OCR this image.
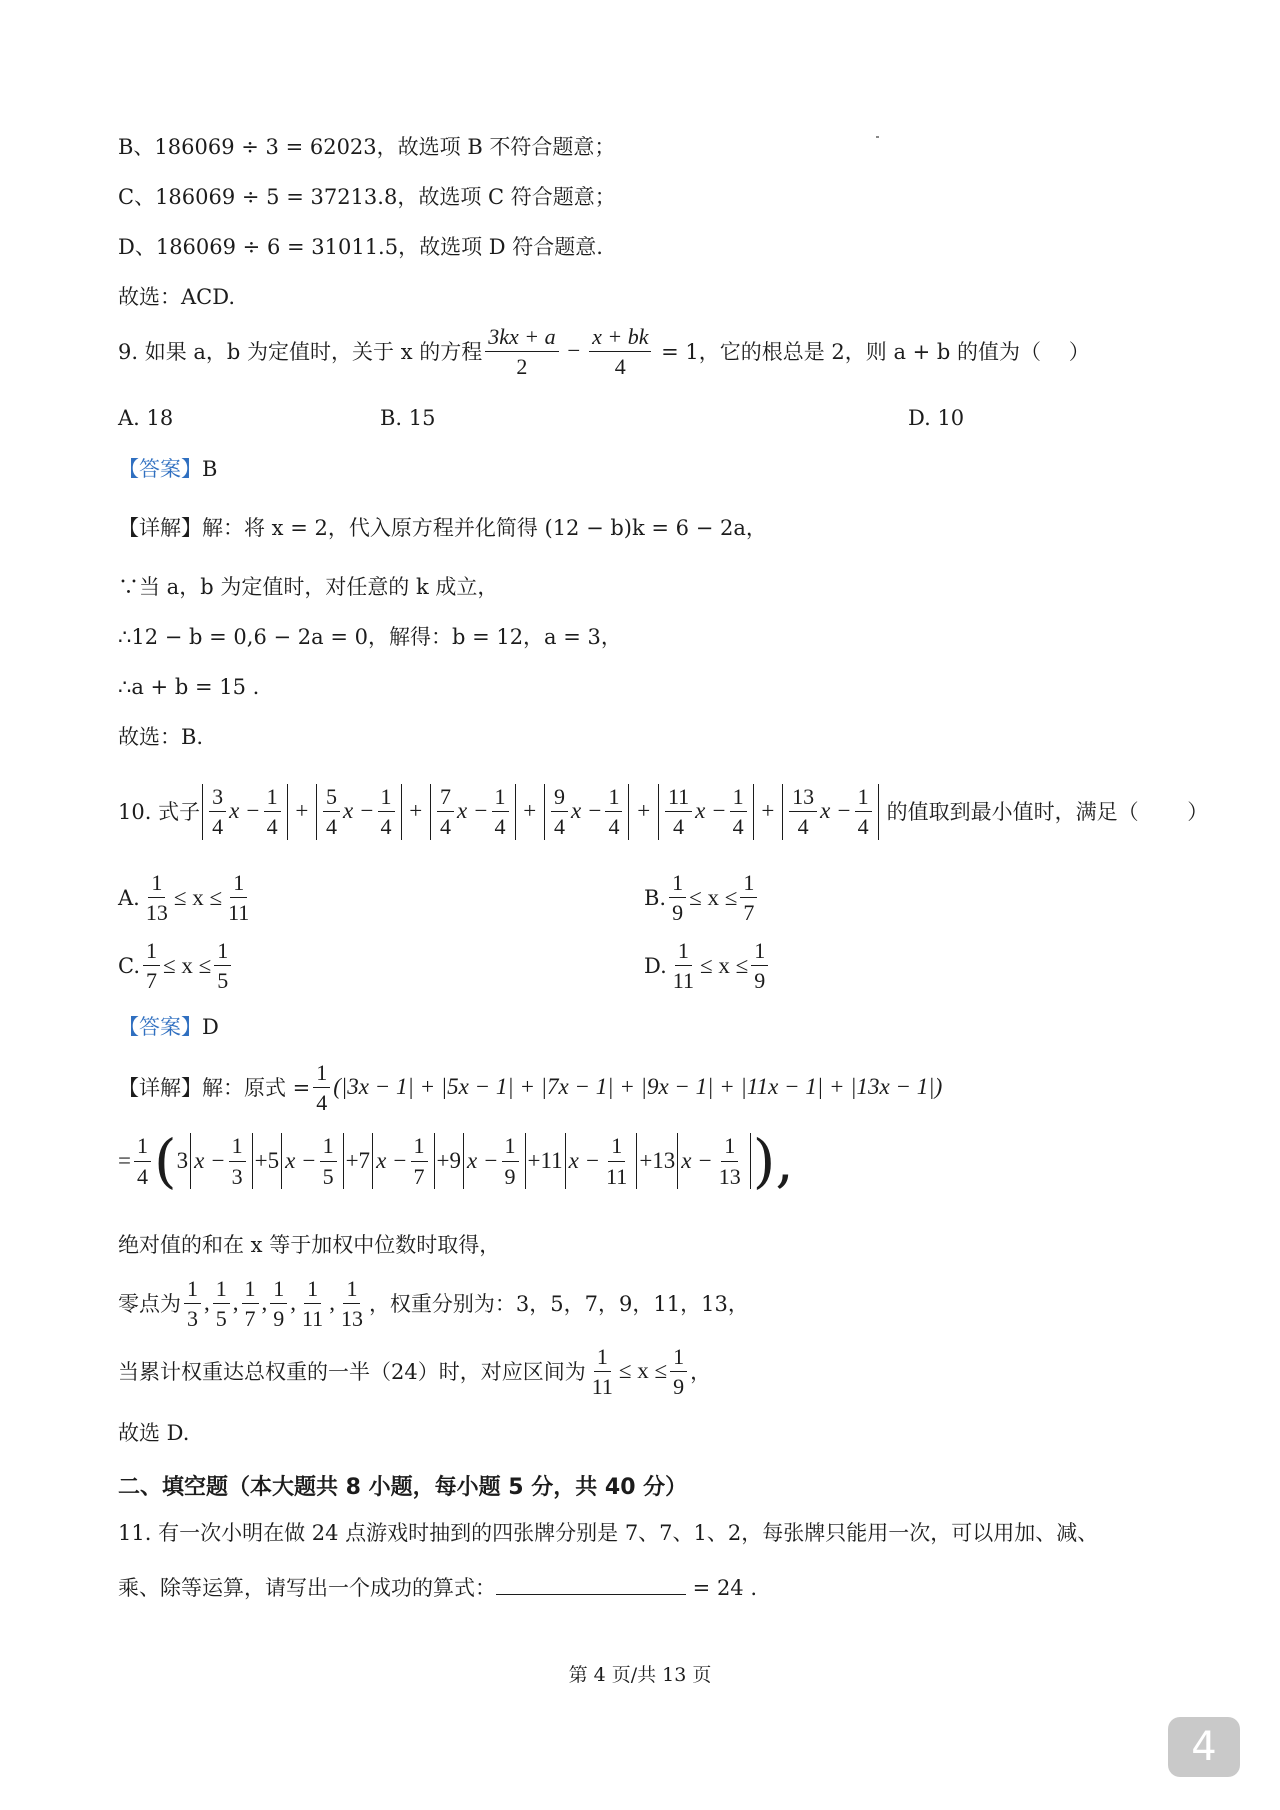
B、186069 ÷ 3 = 62023，故选项 B 不符合题意；
C、186069 ÷ 5 = 37213.8，故选项 C 符合题意；
D、186069 ÷ 6 = 31011.5，故选项 D 符合题意.
故选：ACD.
9. 如果 a，b 为定值时，关于 x 的方程 $\frac{3kx + a}{2} - \frac{x + bk}{4} = 1$，它的根总是 2，则 a + b 的值为（　 ）
A. 18	B. 15	D. 10
【答案】B
【详解】解：将 x = 2，代入原方程并化简得 (12 − b)k = 6 − 2a，
∵当 a，b 为定值时，对任意的 k 成立，
∴12 − b = 0,6 − 2a = 0，解得：b = 12，a = 3，
∴a + b = 15 .
故选：B.
10. 式子 $\frac{3}{4}$ $x - \frac{1}{4} + \frac{5}{4}$ $x - \frac{1}{4} + \frac{7}{4}$ $x - \frac{1}{4} + \frac{9}{4}$ $x - \frac{1}{4} + \frac{11}{4}$ $x - \frac{1}{4} + \frac{13}{4}$ $x - \frac{1}{4}$ 的值取到最小值时，满足（　　 ）
A. $\frac{1}{13} \le x \le \frac{1}{11}$	B. $\frac{1}{9} \le x \le \frac{1}{7}$
C. $\frac{1}{7} \le x \le \frac{1}{5}$	D. $\frac{1}{11} \le x \le \frac{1}{9}$
【答案】D
【详解】 解：原式 = $\frac{1}{4} (|3x - 1| + |5x - 1| + |7x - 1| + |9x - 1| + |11x - 1| + |13x - 1|)$
= $\frac{1}{4}$ ( 3 $x - \frac{1}{3} +5$ $x - \frac{1}{5} +7$ $x - \frac{1}{7} +9$ $x - \frac{1}{9} +11$ $x - \frac{1}{11} +13$ $x - \frac{1}{13}$ ),
绝对值的和在 x 等于加权中位数时取得，
零点为 $\frac{1}{3}$ , $\frac{1}{5}$ , $\frac{1}{7}$ , $\frac{1}{9}$ , $\frac{1}{11}$ , $\frac{1}{13}$ ，权重分别为：3，5，7，9，11，13，
当累计权重达总权重的一半（24）时，对应区间为 $\frac{1}{11} \le x \le \frac{1}{9}$ ，
故选 D.
二、填空题（本大题共 8 小题，每小题 5 分，共 40 分）
11. 有一次小明在做 24 点游戏时抽到的四张牌分别是 7、7、1、2，每张牌只能用一次，可以用加、减、
乘、除等运算，请写出一个成功的算式：	= 24 .
第 4 页/共 13 页
4
